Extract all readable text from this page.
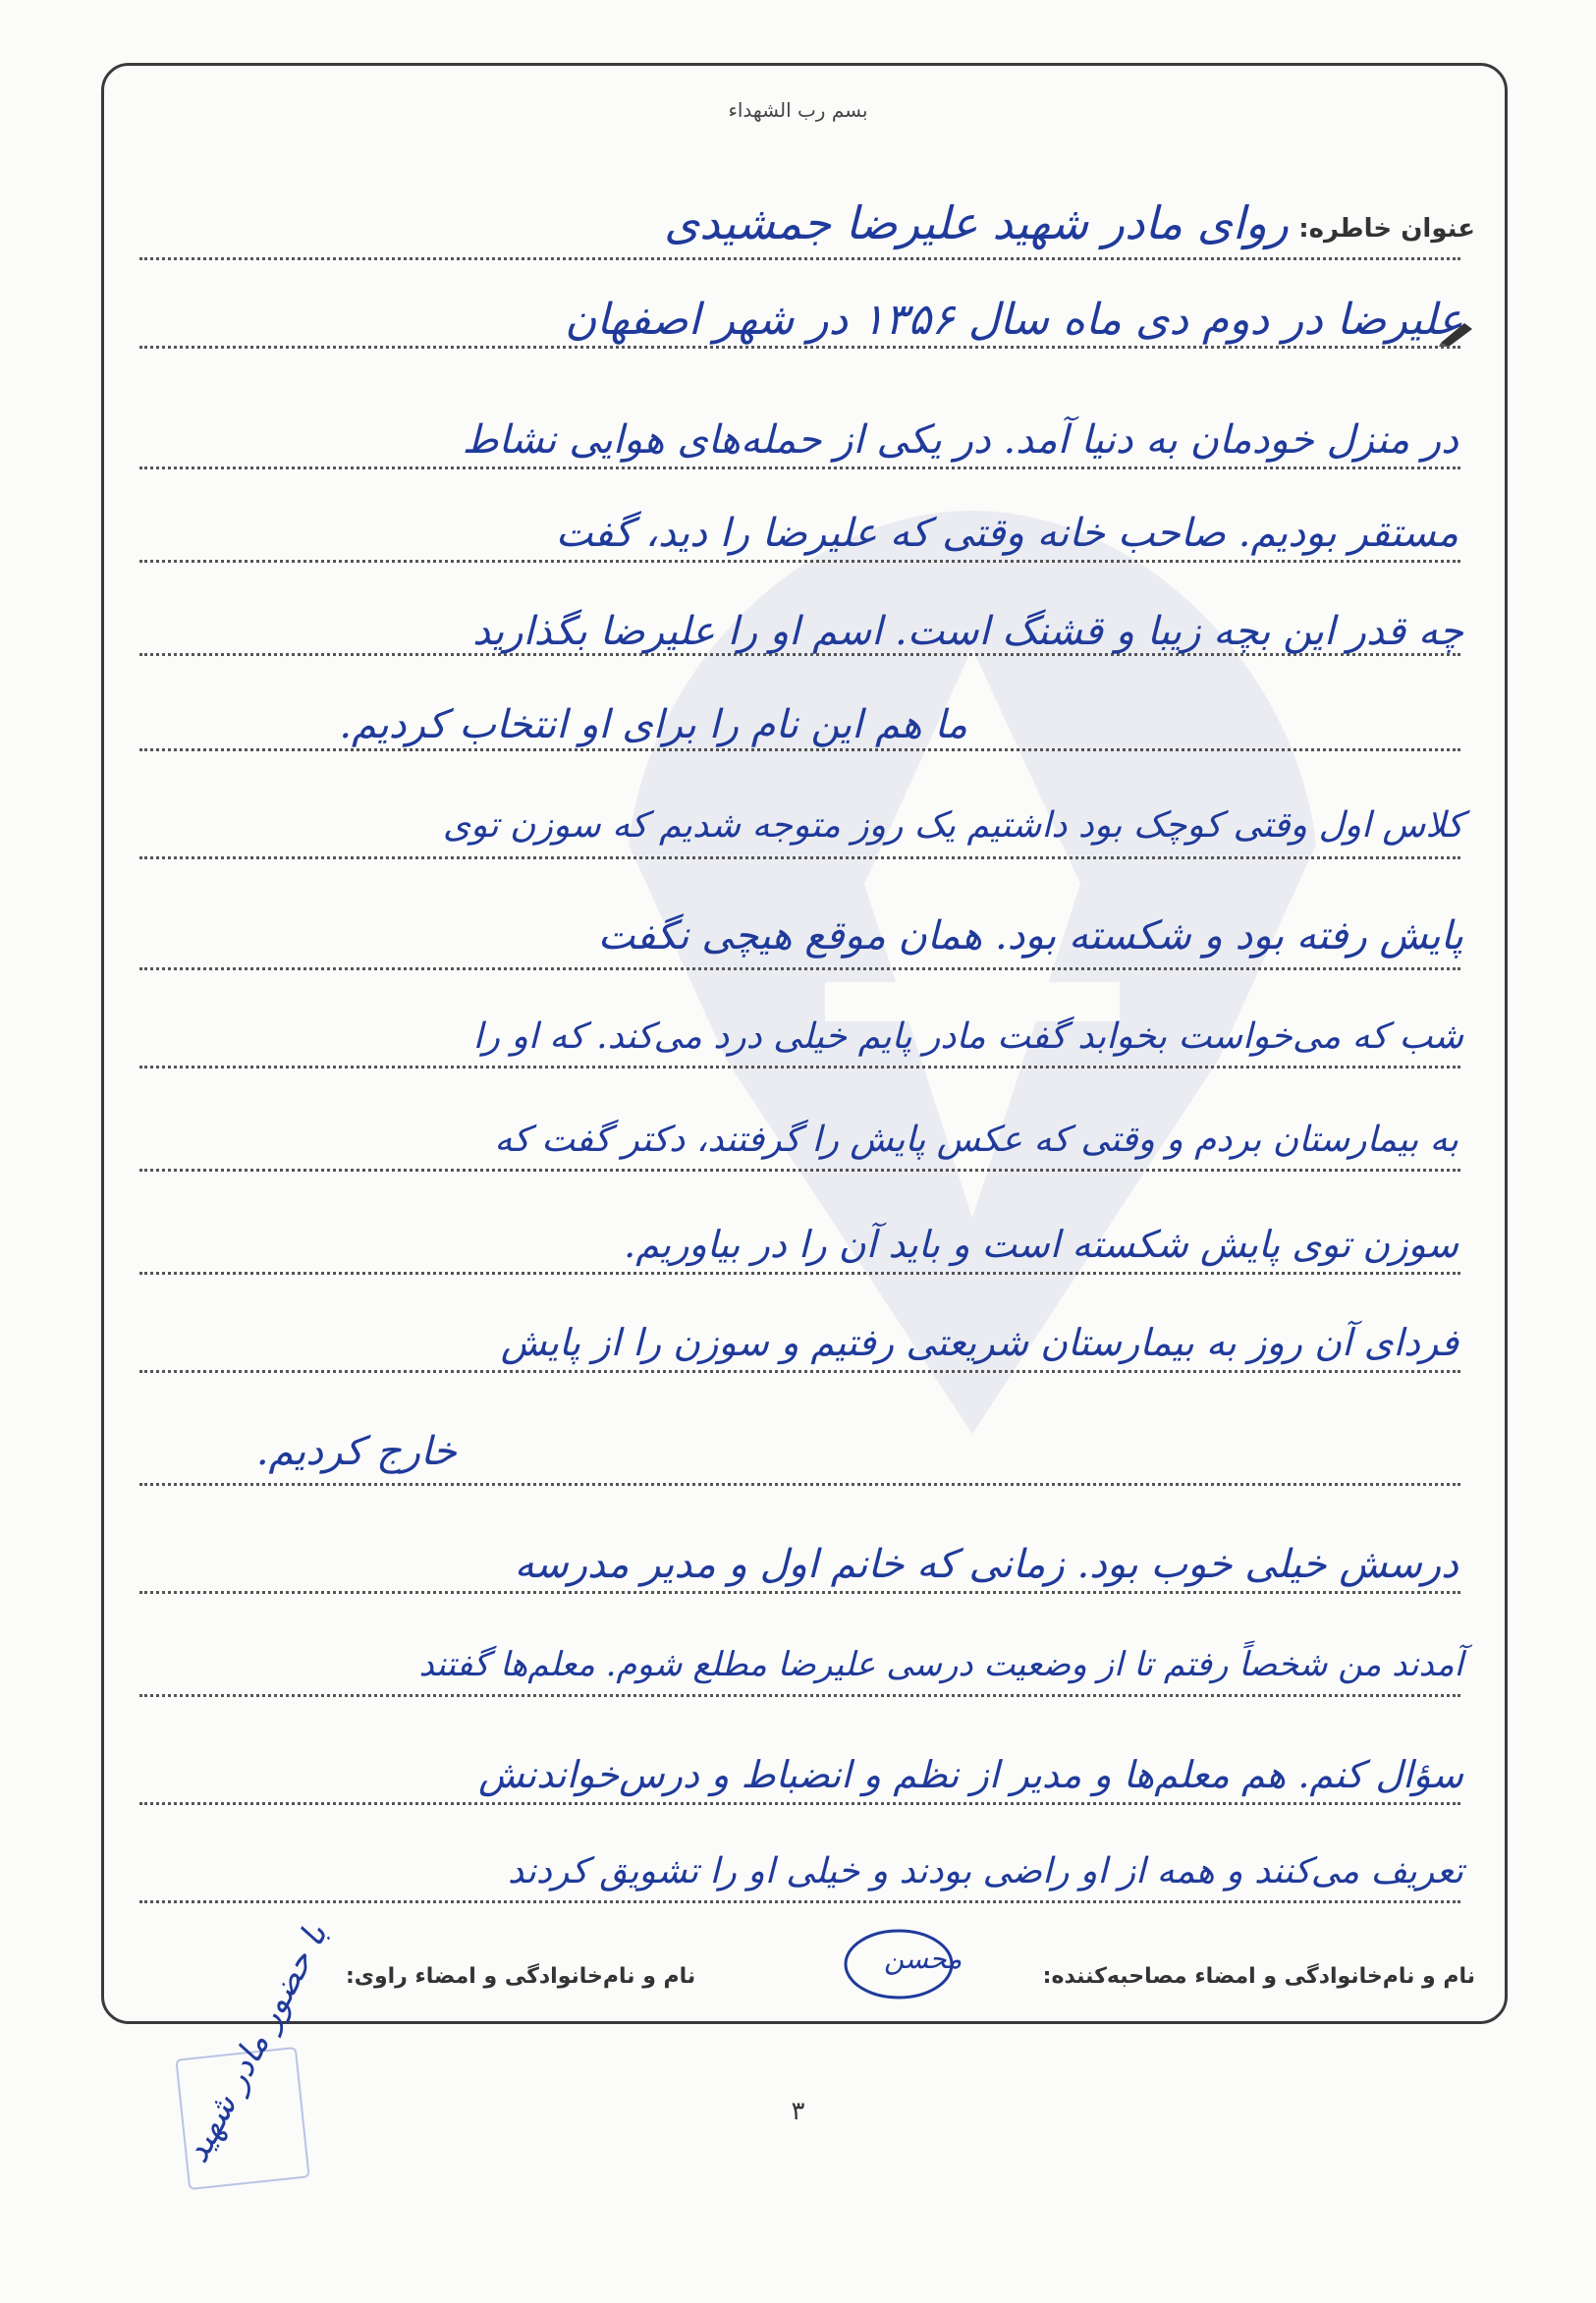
بسم رب الشهداء
عنوان خاطره:
روای مادر شهید علیرضا جمشیدی
علیرضا در دوم دی ماه سال ۱۳۵۶ در شهر اصفهان
در منزل خودمان به دنیا آمد. در یکی از حمله‌های هوایی نشاط
مستقر بودیم. صاحب خانه وقتی که علیرضا را دید، گفت
چه قدر این بچه زیبا و قشنگ است. اسم او را علیرضا بگذارید
ما هم این نام را برای او انتخاب کردیم.
کلاس اول وقتی کوچک بود داشتیم یک روز متوجه شدیم که سوزن توی
پایش رفته بود و شکسته بود. همان موقع هیچی نگفت
شب که می‌خواست بخوابد گفت مادر پایم خیلی درد می‌کند. که او را
به بیمارستان بردم و وقتی که عکس پایش را گرفتند، دکتر گفت که
سوزن توی پایش شکسته است و باید آن را در بیاوریم.
فردای آن روز به بیمارستان شریعتی رفتیم و سوزن را از پایش
خارج کردیم.
درسش خیلی خوب بود. زمانی که خانم اول و مدیر مدرسه
آمدند من شخصاً رفتم تا از وضعیت درسی علیرضا مطلع شوم. معلم‌ها گفتند
سؤال کنم. هم معلم‌ها و مدیر از نظم و انضباط و درس‌خواندنش
تعریف می‌کنند و همه از او راضی بودند و خیلی او را تشویق کردند
نام و نام‌خانوادگی و امضاء مصاحبه‌کننده:
نام و نام‌خانوادگی و امضاء راوی:
محسن
۳
با حضور مادر شهید
